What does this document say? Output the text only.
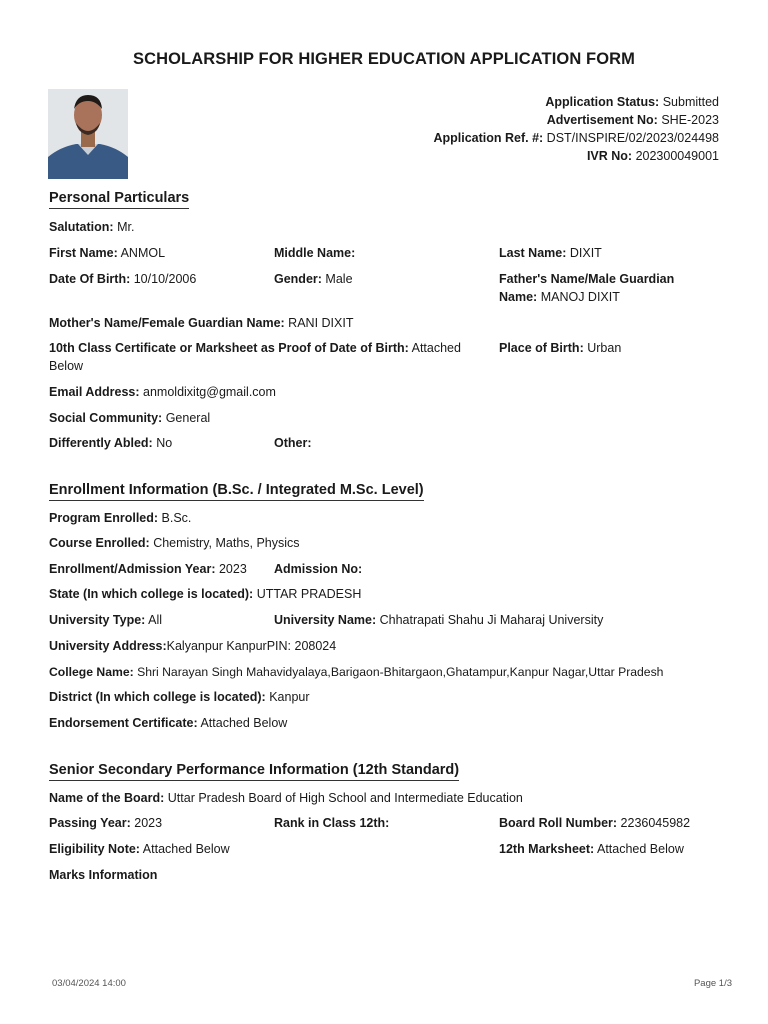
SCHOLARSHIP FOR HIGHER EDUCATION APPLICATION FORM
Application Status: Submitted
Advertisement No: SHE-2023
Application Ref. #: DST/INSPIRE/02/2023/024498
IVR No: 202300049001
Personal Particulars
Salutation: Mr.
First Name: ANMOL	Middle Name:	Last Name: DIXIT
Date Of Birth: 10/10/2006	Gender: Male	Father's Name/Male Guardian Name: MANOJ DIXIT
Mother's Name/Female Guardian Name: RANI DIXIT
10th Class Certificate or Marksheet as Proof of Date of Birth: Attached Below
Place of Birth: Urban
Email Address: anmoldixitg@gmail.com
Social Community: General
Differently Abled: No	Other:
Enrollment Information (B.Sc. / Integrated M.Sc. Level)
Program Enrolled: B.Sc.
Course Enrolled: Chemistry, Maths, Physics
Enrollment/Admission Year: 2023 Admission No:
State (In which college is located): UTTAR PRADESH
University Type: All	University Name: Chhatrapati Shahu Ji Maharaj University
University Address:Kalyanpur KanpurPIN: 208024
College Name: Shri Narayan Singh Mahavidyalaya,Barigaon-Bhitargaon,Ghatampur,Kanpur Nagar,Uttar Pradesh
District (In which college is located): Kanpur
Endorsement Certificate: Attached Below
Senior Secondary Performance Information (12th Standard)
Name of the Board: Uttar Pradesh Board of High School and Intermediate Education
Passing Year: 2023	Rank in Class 12th:	Board Roll Number: 2236045982
Eligibility Note: Attached Below	12th Marksheet: Attached Below
Marks Information
03/04/2024 14:00	Page 1/3
